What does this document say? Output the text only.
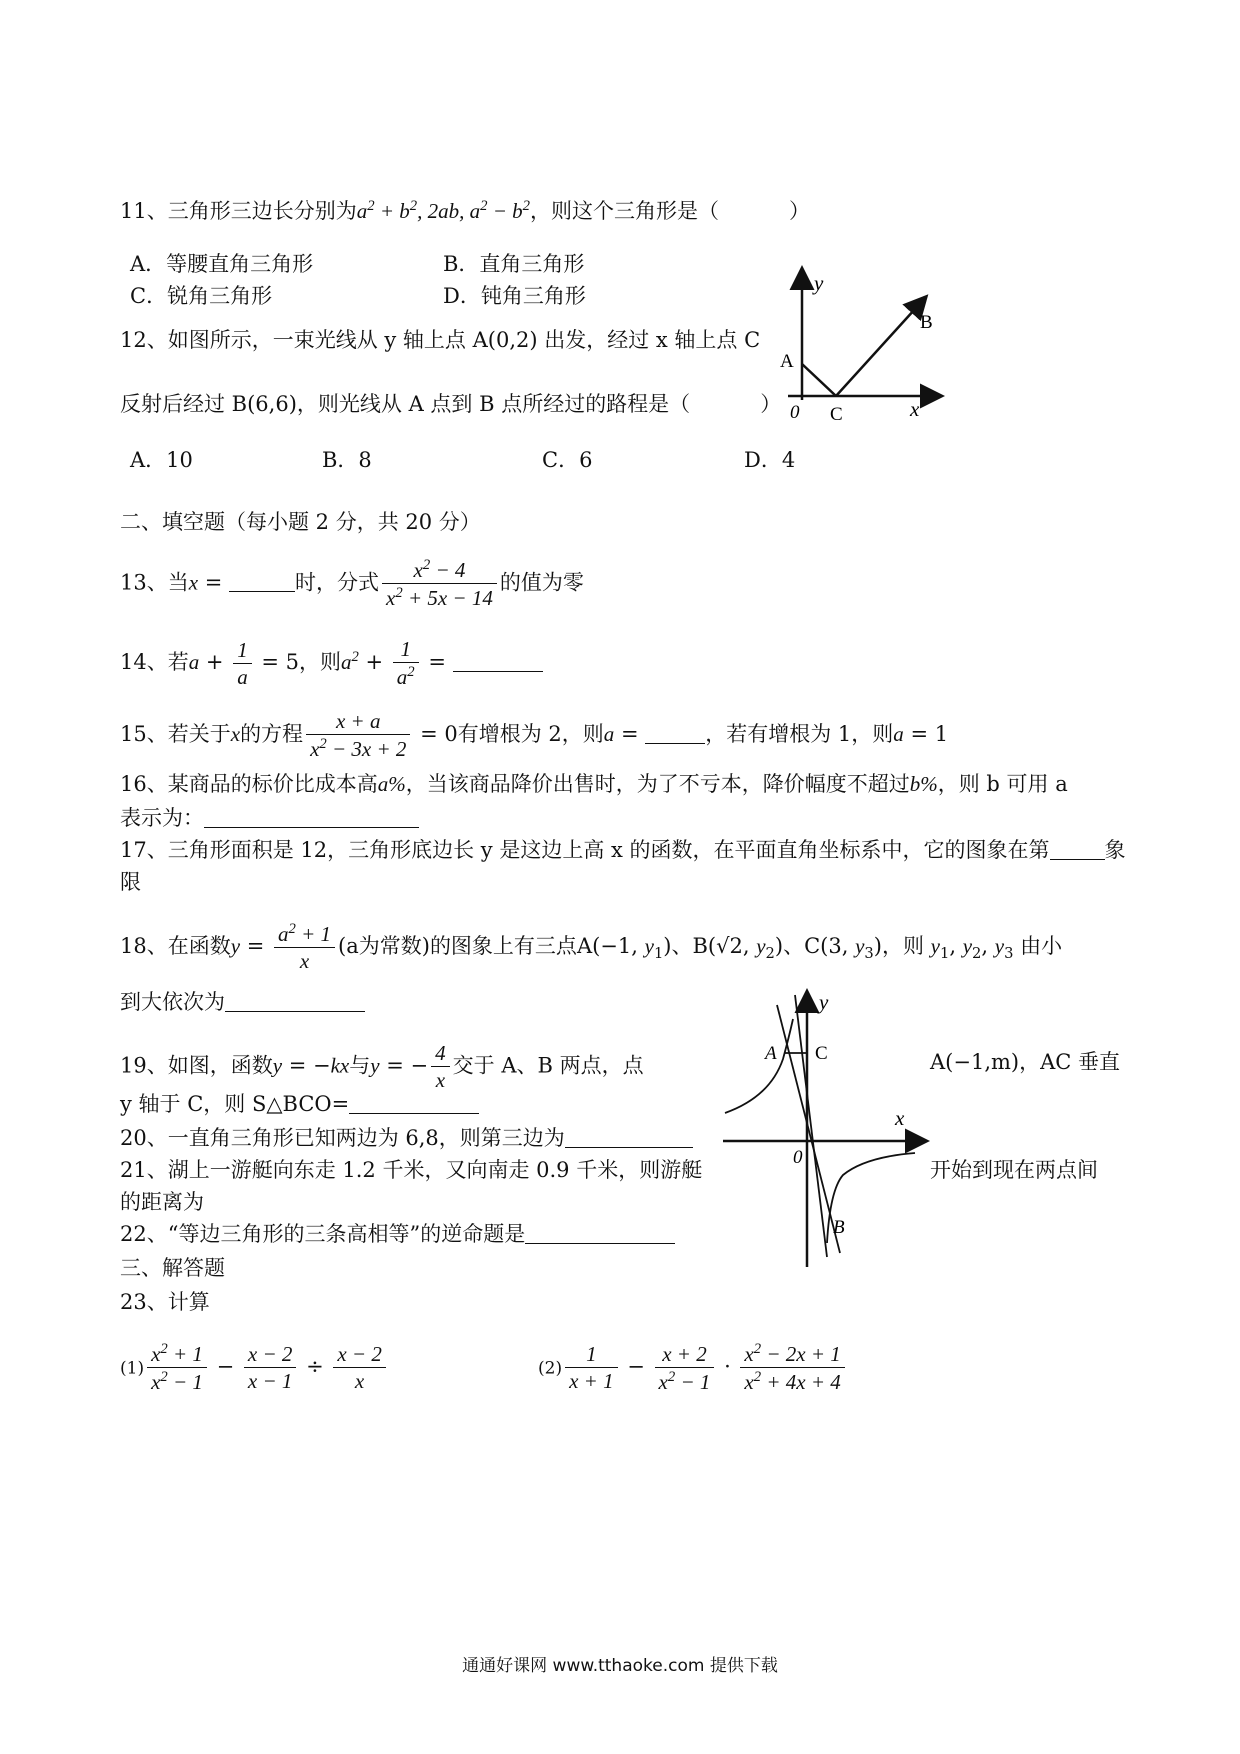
11、三角形三边长分别为$a^2 + b^2$, 2ab, $a^2 - b^2$，则这个三角形是（	）
A．等腰直角三角形	B．直角三角形
C．锐角三角形	D．钝角三角形
12、如图所示，一束光线从 y 轴上点 A(0,2) 出发，经过 x 轴上点 C
反射后经过 B(6,6)，则光线从 A 点到 B 点所经过的路程是（	）
A．10	B．8	C．6	D．4
y
B
A
0 C	x
二、填空题（每小题 2 分，共 20 分）
13、当x =	时，分式 $\frac{x^2 - 4}{x^2 + 5x - 14}$ 的值为零
14、若$a + \frac{1}{a} = 5$，则$a^2 + \frac{1}{a^2}$ =
15、若关于x的方程 $\frac{x + a}{x^2 - 3x + 2} = 0$有增根为 2，则a =	，若有增根为 1，则a = 1
16、某商品的标价比成本高a%，当该商品降价出售时，为了不亏本，降价幅度不超过b%，则 b 可用 a
表示为：
17、三角形面积是 12，三角形底边长 y 是这边上高 x 的函数，在平面直角坐标系中，它的图象在第	象
限
18、在函数$y = \frac{a^2 + 1}{x} (a$为常数)的图象上有三点A(−1, $y_1$)、B(√2, $y_2$)、C(3, $y_3$)，则 $y_1$, $y_2$, $y_3$ 由小
到大依次为
19、如图，函数y = −kx与y = − $\frac{4}{x}$ 交于 A、B 两点，点	A(−1,m)，AC 垂直
y 轴于 C，则 S△BCO=
y
A C
x
0
B
20、一直角三角形已知两边为 6,8，则第三边为
21、湖上一游艇向东走 1.2 千米，又向南走 0.9 千米，则游艇	开始到现在两点间
的距离为
22、“等边三角形的三条高相等”的逆命题是
三、解答题
23、计算
$(1) \frac{x^2 + 1}{x^2 - 1} - \frac{x - 2}{x - 1} \div \frac{x - 2}{x}$	$(2) \frac{1}{x + 1} - \frac{x + 2}{x^2 - 1} \cdot \frac{x^2 - 2x + 1}{x^2 + 4x + 4}$
通通好课网 www.tthaoke.com 提供下载
